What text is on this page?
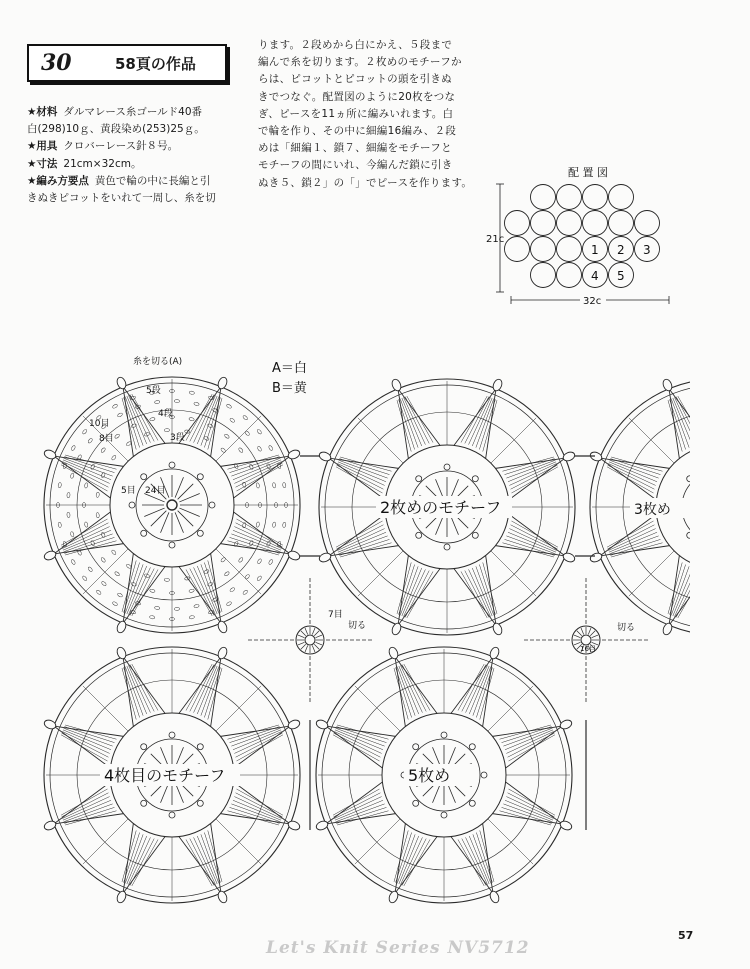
30	58頁の作品
★材料 ダルマレース糸ゴールド40番
白(298)10ｇ、黄段染め(253)25ｇ。
★用具 クロバーレース針８号。
★寸法 21cm×32cm。
★編み方要点 黄色で輪の中に長編と引
きぬきピコットをいれて一周し、糸を切
ります。２段めから白にかえ、５段まで
編んで糸を切ります。２枚めのモチーフか
らは、ピコットとピコットの頭を引きぬ
きでつなぐ。配置図のように20枚をつな
ぎ、ピースを11ヵ所に編みいれます。白
で輪を作り、その中に細編16編み、２段
めは「細編１、鎖７、細編をモチーフと
モチーフの間にいれ、今編んだ鎖に引き
ぬき５、鎖２」の「」でピースを作ります。
配 置 図
1 2 3
4 5
21c
32c
A＝白
B＝黄
糸を切る(A)
5段
4段
3段
10目
8目
5目 24目
2枚めのモチーフ	3枚め
4枚目のモチーフ	5枚め
7目
切る	切る
16目
57
Let's Knit Series NV5712
